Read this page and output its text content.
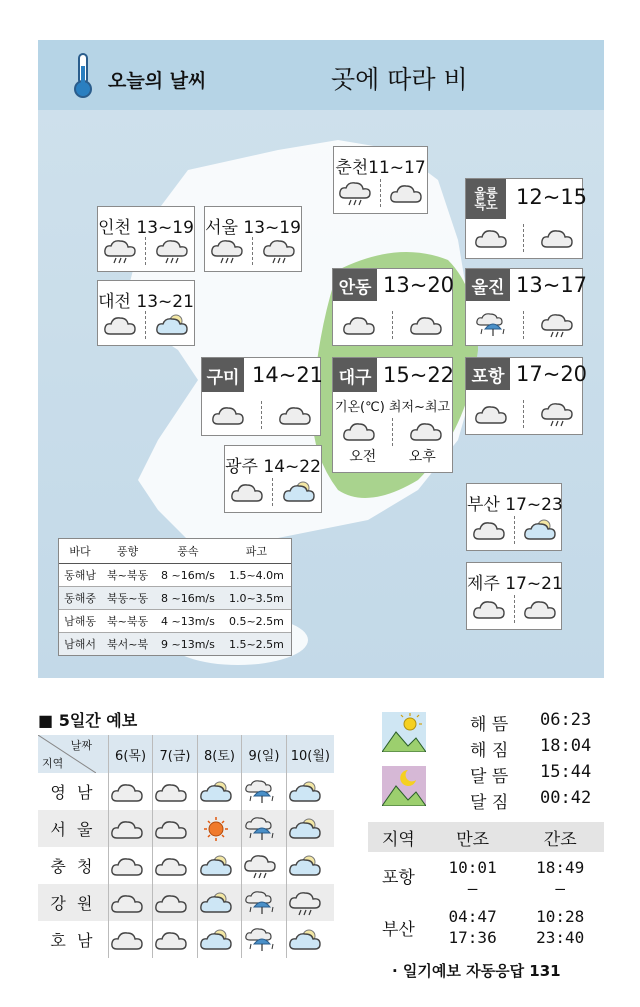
오늘의 날씨	곳에 따라 비
춘천11~17
인천 13~19 서울 13~19
대전 13~21
울릉
독도 12~15
안동 13~20	울진 13~17
구미 14~21 대구 15~22
기온(℃) 최저~최고
오전 오후
포항 17~20
광주 14~22
부산 17~23
제주 17~21
바다	풍향	풍속	파고
동해남	북~북동	8 ~16m/s	1.5~4.0m
동해중	북동~동	8 ~16m/s	1.0~3.5m
남해동	북~북동	4 ~13m/s	0.5~2.5m
남해서	북서~북	9 ~13m/s	1.5~2.5m
■ 5일간 예보
날짜
지역	6(목)	7(금)	8(토)	9(일)	10(월)
영 남	

서 울	

충 청	

강 원	

호 남	

해 뜸 06:23
해 짐 18:04
달 뜸 15:44
달 짐 00:42
지역	만조	간조
포항	10:01	18:49
	–	–
부산	04:47	10:28
	17:36	23:40
· 일기예보 자동응답 131
